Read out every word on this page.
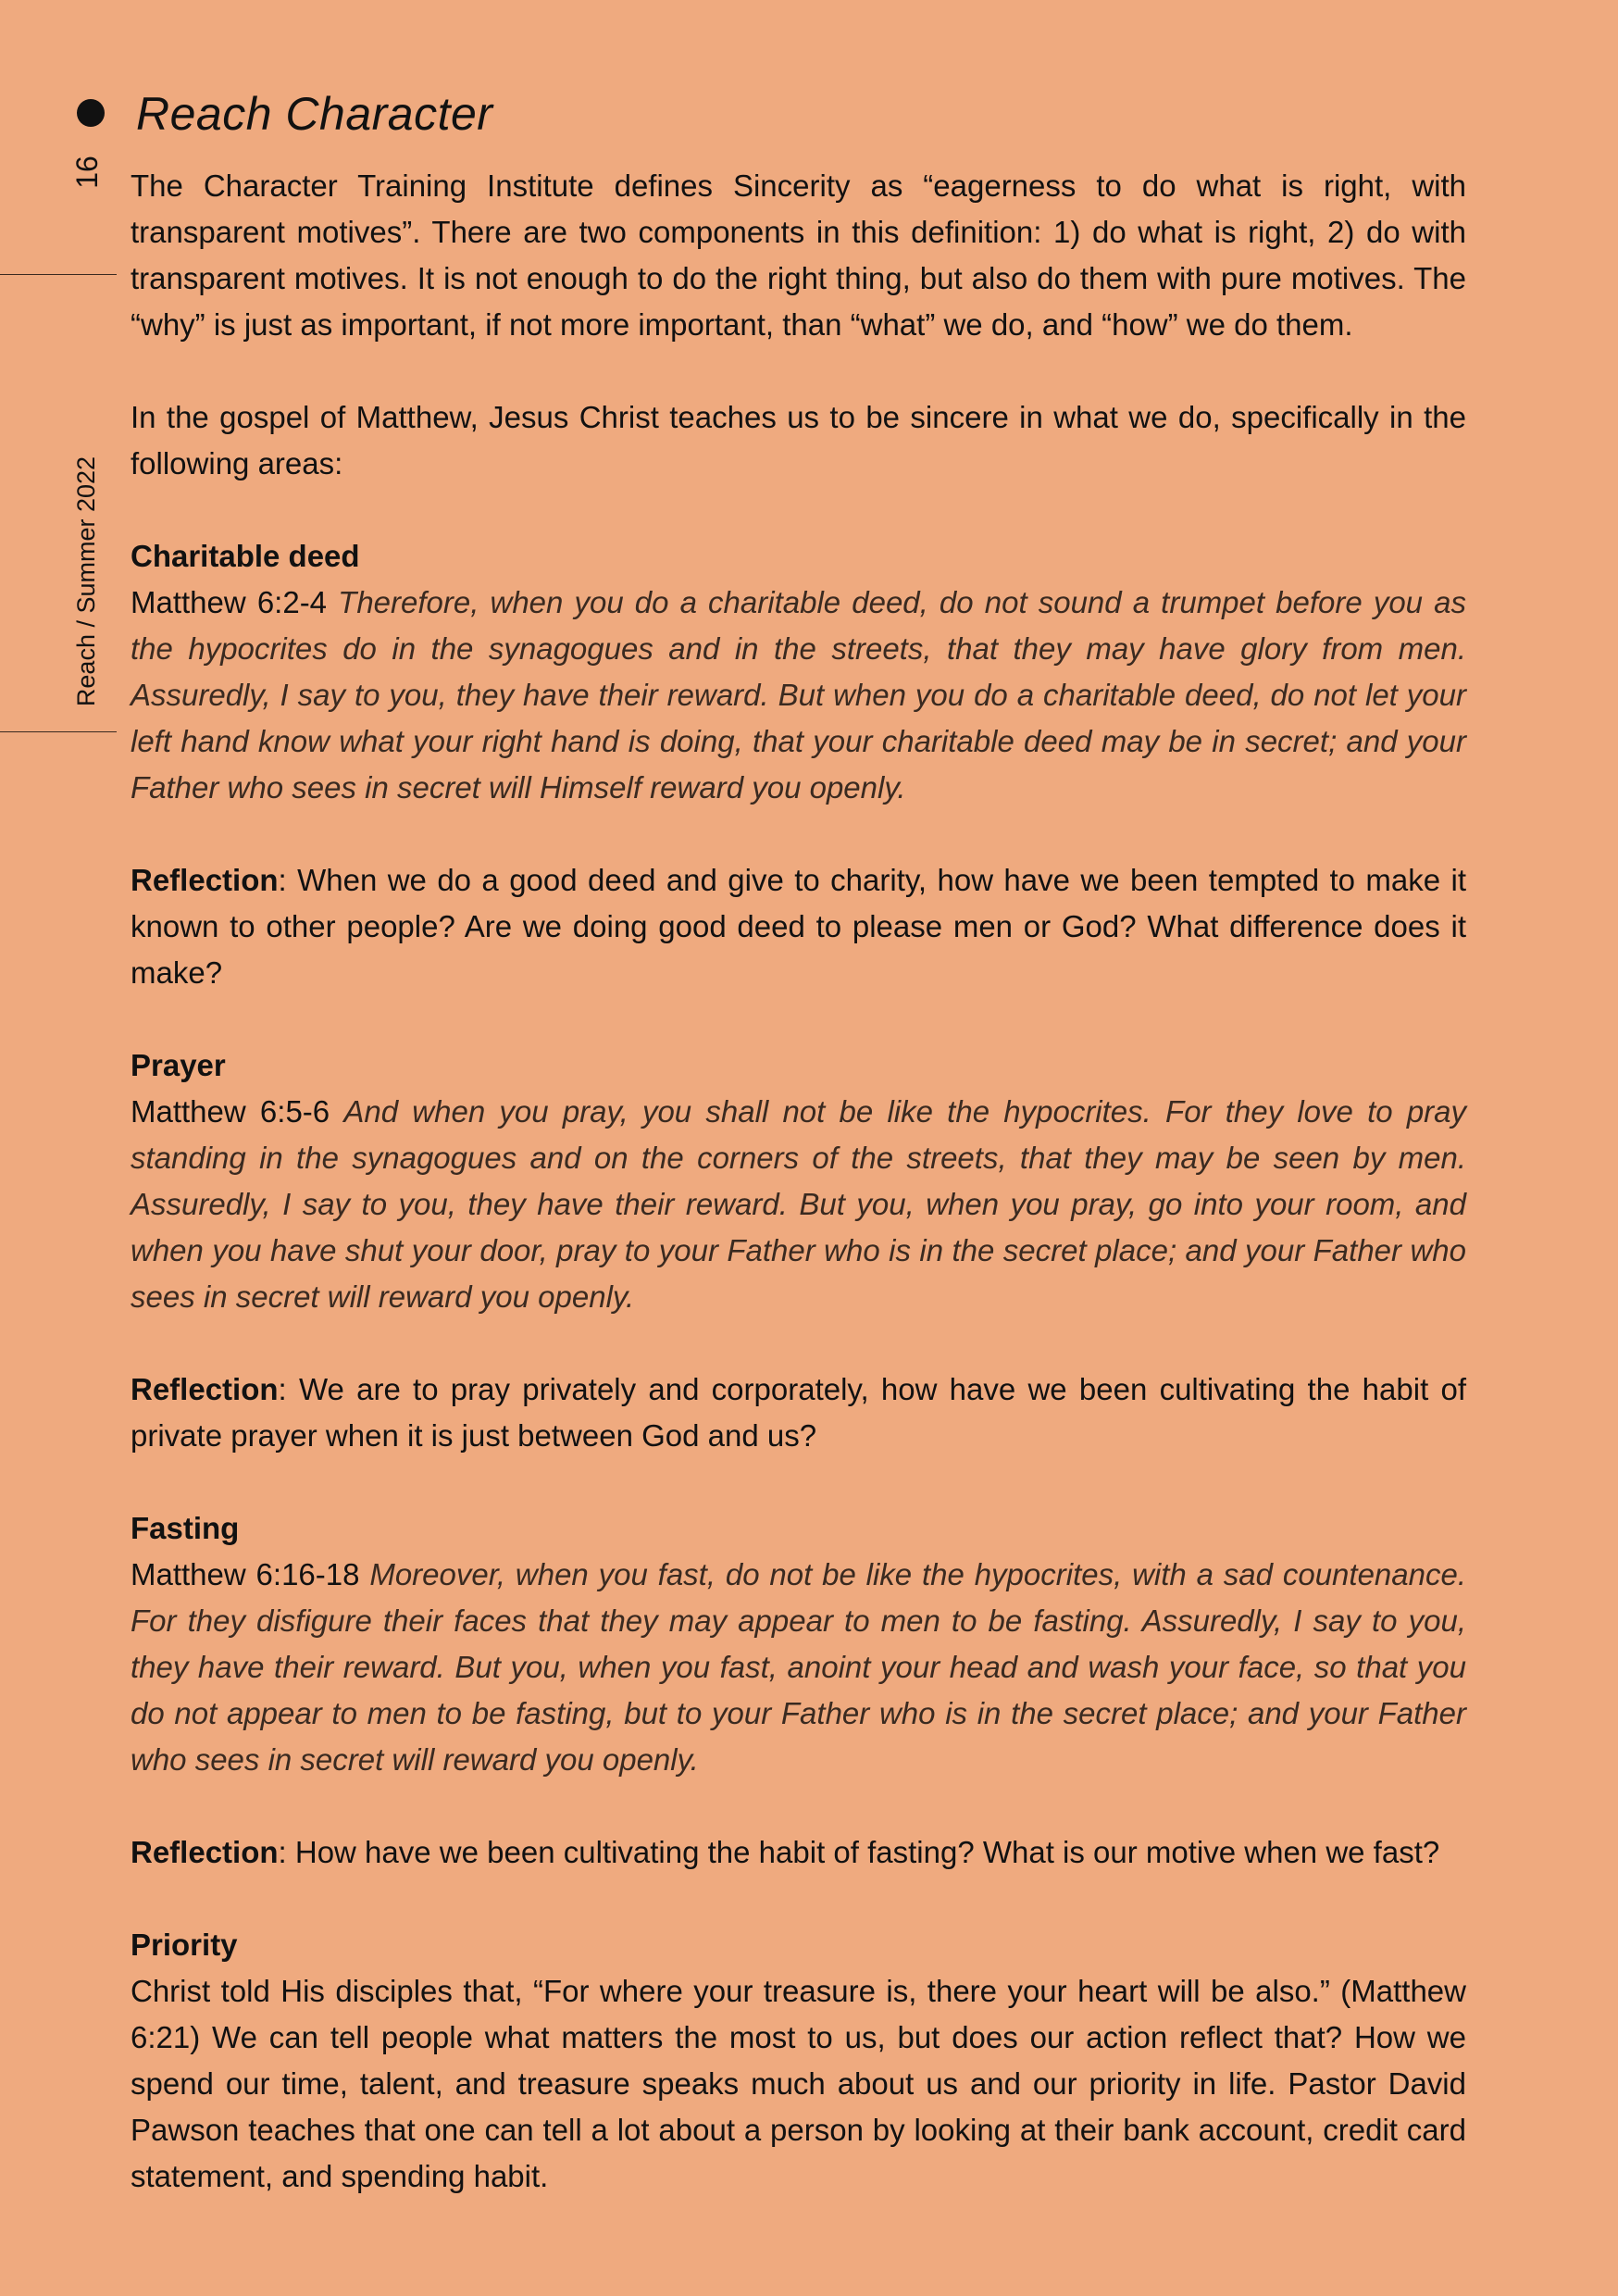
Reach Character
16
Reach / Summer 2022

The Character Training Institute defines Sincerity as “eagerness to do what is right, with transparent motives”. There are two components in this definition: 1) do what is right, 2) do with transparent motives. It is not enough to do the right thing, but also do them with pure motives. The “why” is just as important, if not more important, than “what” we do, and “how” we do them.

In the gospel of Matthew, Jesus Christ teaches us to be sincere in what we do, specifically in the following areas:

Charitable deed

Matthew 6:2-4 Therefore, when you do a charitable deed, do not sound a trumpet before you as the hypocrites do in the synagogues and in the streets, that they may have glory from men. Assuredly, I say to you, they have their reward. But when you do a charitable deed, do not let your left hand know what your right hand is doing, that your charitable deed may be in secret; and your Father who sees in secret will Himself reward you openly.

Reflection: When we do a good deed and give to charity, how have we been tempted to make it known to other people? Are we doing good deed to please men or God? What difference does it make?

Prayer

Matthew 6:5-6 And when you pray, you shall not be like the hypocrites. For they love to pray standing in the synagogues and on the corners of the streets, that they may be seen by men. Assuredly, I say to you, they have their reward. But you, when you pray, go into your room, and when you have shut your door, pray to your Father who is in the secret place; and your Father who sees in secret will reward you openly.

Reflection: We are to pray privately and corporately, how have we been cultivating the habit of private prayer when it is just between God and us?

Fasting

Matthew 6:16-18 Moreover, when you fast, do not be like the hypocrites, with a sad countenance. For they disfigure their faces that they may appear to men to be fasting. Assuredly, I say to you, they have their reward. But you, when you fast, anoint your head and wash your face, so that you do not appear to men to be fasting, but to your Father who is in the secret place; and your Father who sees in secret will reward you openly.

Reflection: How have we been cultivating the habit of fasting? What is our motive when we fast?

Priority

Christ told His disciples that, “For where your treasure is, there your heart will be also.” (Matthew 6:21) We can tell people what matters the most to us, but does our action reflect that? How we spend our time, talent, and treasure speaks much about us and our priority in life. Pastor David Pawson teaches that one can tell a lot about a person by looking at their bank account, credit card statement, and spending habit.
